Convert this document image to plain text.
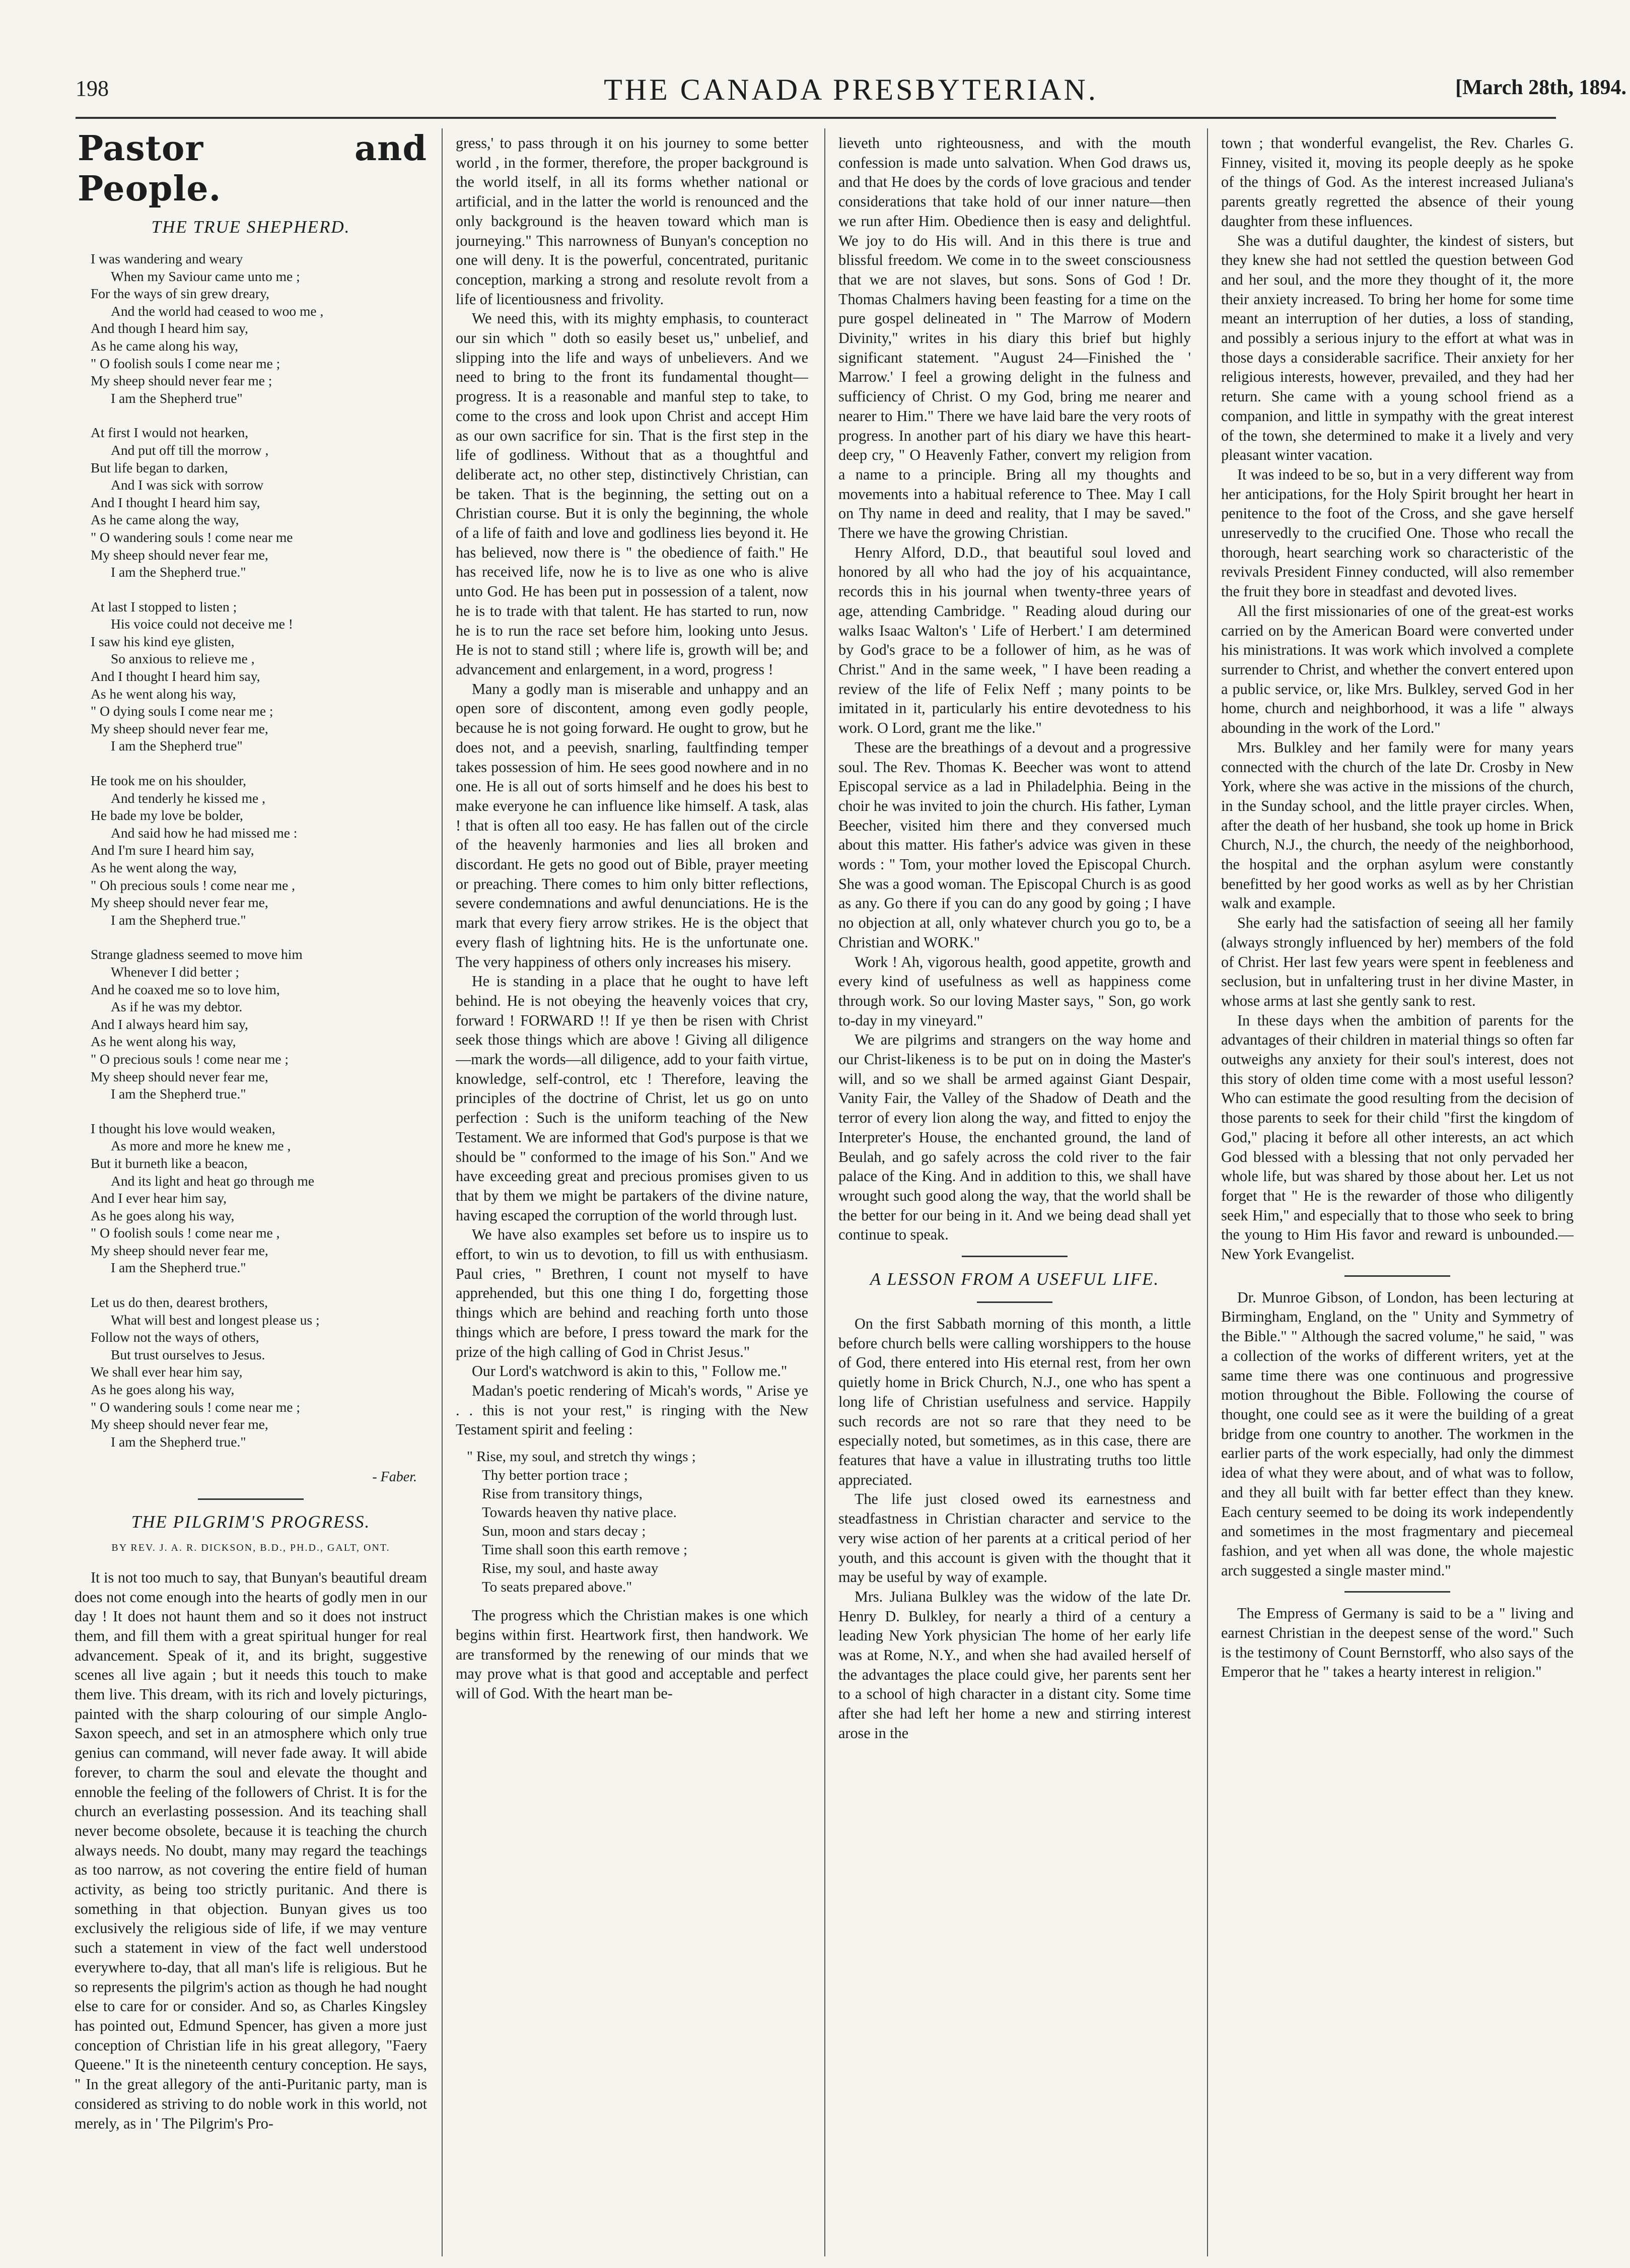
198	THE CANADA PRESBYTERIAN.	[March 28th, 1894.
Pastor and People.
THE TRUE SHEPHERD.
I was wandering and weary
When my Saviour came unto me ;
For the ways of sin grew dreary,
And the world had ceased to woo me ,
And though I heard him say,
As he came along his way,
" O foolish souls I come near me ;
My sheep should never fear me ;
I am the Shepherd true"
At first I would not hearken,
And put off till the morrow ,
But life began to darken,
And I was sick with sorrow
And I thought I heard him say,
As he came along the way,
" O wandering souls ! come near me
My sheep should never fear me,
I am the Shepherd true."
At last I stopped to listen ;
His voice could not deceive me !
I saw his kind eye glisten,
So anxious to relieve me ,
And I thought I heard him say,
As he went along his way,
" O dying souls I come near me ;
My sheep should never fear me,
I am the Shepherd true"
He took me on his shoulder,
And tenderly he kissed me ,
He bade my love be bolder,
And said how he had missed me :
And I'm sure I heard him say,
As he went along the way,
" Oh precious souls ! come near me ,
My sheep should never fear me,
I am the Shepherd true."
Strange gladness seemed to move him
Whenever I did better ;
And he coaxed me so to love him,
As if he was my debtor.
And I always heard him say,
As he went along his way,
" O precious souls ! come near me ;
My sheep should never fear me,
I am the Shepherd true."
I thought his love would weaken,
As more and more he knew me ,
But it burneth like a beacon,
And its light and heat go through me
And I ever hear him say,
As he goes along his way,
" O foolish souls ! come near me ,
My sheep should never fear me,
I am the Shepherd true."
Let us do then, dearest brothers,
What will best and longest please us ;
Follow not the ways of others,
But trust ourselves to Jesus.
We shall ever hear him say,
As he goes along his way,
" O wandering souls ! come near me ;
My sheep should never fear me,
I am the Shepherd true."
- Faber.
THE PILGRIM'S PROGRESS.
BY REV. J. A. R. DICKSON, B.D., PH.D., GALT, ONT.

It is not too much to say, that Bunyan's beautiful dream does not come enough into the hearts of godly men in our day ! It does not haunt them and so it does not instruct them, and fill them with a great spiritual hunger for real advancement. Speak of it, and its bright, suggestive scenes all live again ; but it needs this touch to make them live. This dream, with its rich and lovely picturings, painted with the sharp colouring of our simple Anglo-Saxon speech, and set in an atmosphere which only true genius can command, will never fade away. It will abide forever, to charm the soul and elevate the thought and ennoble the feeling of the followers of Christ. It is for the church an everlasting possession. And its teaching shall never become obsolete, because it is teaching the church always needs. No doubt, many may regard the teachings as too narrow, as not covering the entire field of human activity, as being too strictly puritanic. And there is something in that objection. Bunyan gives us too exclusively the religious side of life, if we may venture such a statement in view of the fact well understood everywhere to-day, that all man's life is religious. But he so represents the pilgrim's action as though he had nought else to care for or consider. And so, as Charles Kingsley has pointed out, Edmund Spencer, has given a more just conception of Christian life in his great allegory, "Faery Queene." It is the nineteenth century conception. He says, " In the great allegory of the anti-Puritanic party, man is considered as striving to do noble work in this world, not merely, as in ' The Pilgrim's Pro-

gress,' to pass through it on his journey to some better world , in the former, therefore, the proper background is the world itself, in all its forms whether national or artificial, and in the latter the world is renounced and the only background is the heaven toward which man is journeying." This narrowness of Bunyan's conception no one will deny. It is the powerful, concentrated, puritanic conception, marking a strong and resolute revolt from a life of licentiousness and frivolity.

We need this, with its mighty emphasis, to counteract our sin which " doth so easily beset us," unbelief, and slipping into the life and ways of unbelievers. And we need to bring to the front its fundamental thought—progress. It is a reasonable and manful step to take, to come to the cross and look upon Christ and accept Him as our own sacrifice for sin. That is the first step in the life of godliness. Without that as a thoughtful and deliberate act, no other step, distinctively Christian, can be taken. That is the beginning, the setting out on a Christian course. But it is only the beginning, the whole of a life of faith and love and godliness lies beyond it. He has believed, now there is " the obedience of faith." He has received life, now he is to live as one who is alive unto God. He has been put in possession of a talent, now he is to trade with that talent. He has started to run, now he is to run the race set before him, looking unto Jesus. He is not to stand still ; where life is, growth will be; and advancement and enlargement, in a word, progress !

Many a godly man is miserable and unhappy and an open sore of discontent, among even godly people, because he is not going forward. He ought to grow, but he does not, and a peevish, snarling, faultfinding temper takes possession of him. He sees good nowhere and in no one. He is all out of sorts himself and he does his best to make everyone he can influence like himself. A task, alas ! that is often all too easy. He has fallen out of the circle of the heavenly harmonies and lies all broken and discordant. He gets no good out of Bible, prayer meeting or preaching. There comes to him only bitter reflections, severe condemnations and awful denunciations. He is the mark that every fiery arrow strikes. He is the object that every flash of lightning hits. He is the unfortunate one. The very happiness of others only increases his misery.

He is standing in a place that he ought to have left behind. He is not obeying the heavenly voices that cry, forward ! FORWARD !! If ye then be risen with Christ seek those things which are above ! Giving all diligence —mark the words—all diligence, add to your faith virtue, knowledge, self-control, etc ! Therefore, leaving the principles of the doctrine of Christ, let us go on unto perfection : Such is the uniform teaching of the New Testament. We are informed that God's purpose is that we should be " conformed to the image of his Son." And we have exceeding great and precious promises given to us that by them we might be partakers of the divine nature, having escaped the corruption of the world through lust.

We have also examples set before us to inspire us to effort, to win us to devotion, to fill us with enthusiasm. Paul cries, " Brethren, I count not myself to have apprehended, but this one thing I do, forgetting those things which are behind and reaching forth unto those things which are before, I press toward the mark for the prize of the high calling of God in Christ Jesus."

Our Lord's watchword is akin to this, " Follow me."

Madan's poetic rendering of Micah's words, " Arise ye . . this is not your rest," is ringing with the New Testament spirit and feeling :

" Rise, my soul, and stretch thy wings ;
Thy better portion trace ;
Rise from transitory things,
Towards heaven thy native place.
Sun, moon and stars decay ;
Time shall soon this earth remove ;
Rise, my soul, and haste away
To seats prepared above."

The progress which the Christian makes is one which begins within first. Heartwork first, then handwork. We are transformed by the renewing of our minds that we may prove what is that good and acceptable and perfect will of God. With the heart man be-

lieveth unto righteousness, and with the mouth confession is made unto salvation. When God draws us, and that He does by the cords of love gracious and tender considerations that take hold of our inner nature—then we run after Him. Obedience then is easy and delightful. We joy to do His will. And in this there is true and blissful freedom. We come in to the sweet consciousness that we are not slaves, but sons. Sons of God ! Dr. Thomas Chalmers having been feasting for a time on the pure gospel delineated in " The Marrow of Modern Divinity," writes in his diary this brief but highly significant statement. "August 24—Finished the ' Marrow.' I feel a growing delight in the fulness and sufficiency of Christ. O my God, bring me nearer and nearer to Him." There we have laid bare the very roots of progress. In another part of his diary we have this heart-deep cry, " O Heavenly Father, convert my religion from a name to a principle. Bring all my thoughts and movements into a habitual reference to Thee. May I call on Thy name in deed and reality, that I may be saved." There we have the growing Christian.

Henry Alford, D.D., that beautiful soul loved and honored by all who had the joy of his acquaintance, records this in his journal when twenty-three years of age, attending Cambridge. " Reading aloud during our walks Isaac Walton's ' Life of Herbert.' I am determined by God's grace to be a follower of him, as he was of Christ." And in the same week, " I have been reading a review of the life of Felix Neff ; many points to be imitated in it, particularly his entire devotedness to his work. O Lord, grant me the like."

These are the breathings of a devout and a progressive soul. The Rev. Thomas K. Beecher was wont to attend Episcopal service as a lad in Philadelphia. Being in the choir he was invited to join the church. His father, Lyman Beecher, visited him there and they conversed much about this matter. His father's advice was given in these words : " Tom, your mother loved the Episcopal Church. She was a good woman. The Episcopal Church is as good as any. Go there if you can do any good by going ; I have no objection at all, only whatever church you go to, be a Christian and WORK."

Work ! Ah, vigorous health, good appetite, growth and every kind of usefulness as well as happiness come through work. So our loving Master says, " Son, go work to-day in my vineyard."

We are pilgrims and strangers on the way home and our Christ-likeness is to be put on in doing the Master's will, and so we shall be armed against Giant Despair, Vanity Fair, the Valley of the Shadow of Death and the terror of every lion along the way, and fitted to enjoy the Interpreter's House, the enchanted ground, the land of Beulah, and go safely across the cold river to the fair palace of the King. And in addition to this, we shall have wrought such good along the way, that the world shall be the better for our being in it. And we being dead shall yet continue to speak.

A LESSON FROM A USEFUL LIFE.

On the first Sabbath morning of this month, a little before church bells were calling worshippers to the house of God, there entered into His eternal rest, from her own quietly home in Brick Church, N.J., one who has spent a long life of Christian usefulness and service. Happily such records are not so rare that they need to be especially noted, but sometimes, as in this case, there are features that have a value in illustrating truths too little appreciated.

The life just closed owed its earnestness and steadfastness in Christian character and service to the very wise action of her parents at a critical period of her youth, and this account is given with the thought that it may be useful by way of example.

Mrs. Juliana Bulkley was the widow of the late Dr. Henry D. Bulkley, for nearly a third of a century a leading New York physician The home of her early life was at Rome, N.Y., and when she had availed herself of the advantages the place could give, her parents sent her to a school of high character in a distant city. Some time after she had left her home a new and stirring interest arose in the

town ; that wonderful evangelist, the Rev. Charles G. Finney, visited it, moving its people deeply as he spoke of the things of God. As the interest increased Juliana's parents greatly regretted the absence of their young daughter from these influences.

She was a dutiful daughter, the kindest of sisters, but they knew she had not settled the question between God and her soul, and the more they thought of it, the more their anxiety increased. To bring her home for some time meant an interruption of her duties, a loss of standing, and possibly a serious injury to the effort at what was in those days a considerable sacrifice. Their anxiety for her religious interests, however, prevailed, and they had her return. She came with a young school friend as a companion, and little in sympathy with the great interest of the town, she determined to make it a lively and very pleasant winter vacation.

It was indeed to be so, but in a very different way from her anticipations, for the Holy Spirit brought her heart in penitence to the foot of the Cross, and she gave herself unreservedly to the crucified One. Those who recall the thorough, heart searching work so characteristic of the revivals President Finney conducted, will also remember the fruit they bore in steadfast and devoted lives.

All the first missionaries of one of the great-est works carried on by the American Board were converted under his ministrations. It was work which involved a complete surrender to Christ, and whether the convert entered upon a public service, or, like Mrs. Bulkley, served God in her home, church and neighborhood, it was a life " always abounding in the work of the Lord."

Mrs. Bulkley and her family were for many years connected with the church of the late Dr. Crosby in New York, where she was active in the missions of the church, in the Sunday school, and the little prayer circles. When, after the death of her husband, she took up home in Brick Church, N.J., the church, the needy of the neighborhood, the hospital and the orphan asylum were constantly benefitted by her good works as well as by her Christian walk and example.

She early had the satisfaction of seeing all her family (always strongly influenced by her) members of the fold of Christ. Her last few years were spent in feebleness and seclusion, but in unfaltering trust in her divine Master, in whose arms at last she gently sank to rest.

In these days when the ambition of parents for the advantages of their children in material things so often far outweighs any anxiety for their soul's interest, does not this story of olden time come with a most useful lesson? Who can estimate the good resulting from the decision of those parents to seek for their child "first the kingdom of God," placing it before all other interests, an act which God blessed with a blessing that not only pervaded her whole life, but was shared by those about her. Let us not forget that " He is the rewarder of those who diligently seek Him," and especially that to those who seek to bring the young to Him His favor and reward is unbounded.—New York Evangelist.

Dr. Munroe Gibson, of London, has been lecturing at Birmingham, England, on the " Unity and Symmetry of the Bible." " Although the sacred volume," he said, " was a collection of the works of different writers, yet at the same time there was one continuous and progressive motion throughout the Bible. Following the course of thought, one could see as it were the building of a great bridge from one country to another. The workmen in the earlier parts of the work especially, had only the dimmest idea of what they were about, and of what was to follow, and they all built with far better effect than they knew. Each century seemed to be doing its work independently and sometimes in the most fragmentary and piecemeal fashion, and yet when all was done, the whole majestic arch suggested a single master mind."

The Empress of Germany is said to be a " living and earnest Christian in the deepest sense of the word." Such is the testimony of Count Bernstorff, who also says of the Emperor that he " takes a hearty interest in religion."
